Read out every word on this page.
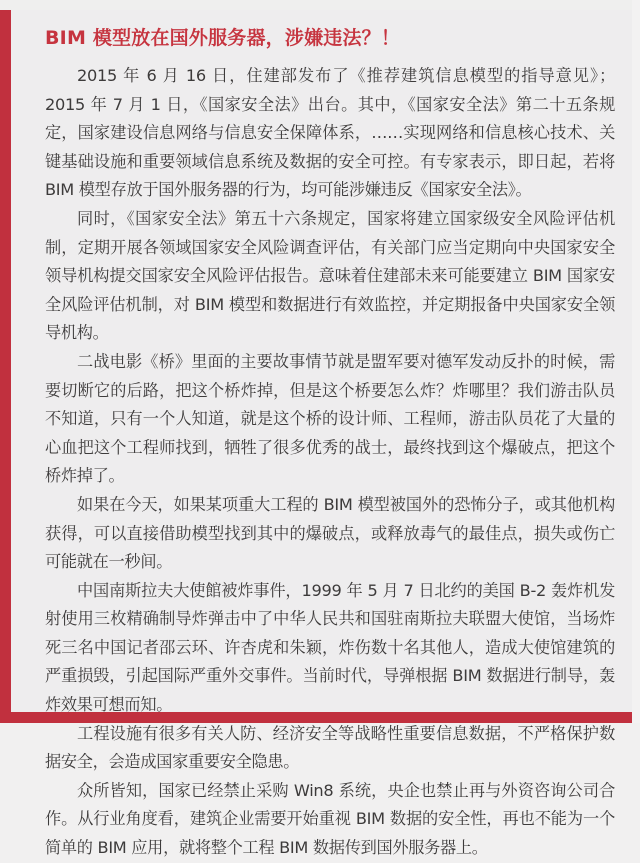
BIM 模型放在国外服务器，涉嫌违法？！

2015 年 6 月 16 日，住建部发布了《推荐建筑信息模型的指导意见》；2015 年 7 月 1 日，《国家安全法》出台。其中，《国家安全法》第二十五条规定，国家建设信息网络与信息安全保障体系，……实现网络和信息核心技术、关键基础设施和重要领域信息系统及数据的安全可控。有专家表示，即日起，若将 BIM 模型存放于国外服务器的行为，均可能涉嫌违反《国家安全法》。

同时，《国家安全法》第五十六条规定，国家将建立国家级安全风险评估机制，定期开展各领域国家安全风险调查评估，有关部门应当定期向中央国家安全领导机构提交国家安全风险评估报告。意味着住建部未来可能要建立 BIM 国家安全风险评估机制，对 BIM 模型和数据进行有效监控，并定期报备中央国家安全领导机构。

二战电影《桥》里面的主要故事情节就是盟军要对德军发动反扑的时候，需要切断它的后路，把这个桥炸掉，但是这个桥要怎么炸？炸哪里？我们游击队员不知道，只有一个人知道，就是这个桥的设计师、工程师，游击队员花了大量的心血把这个工程师找到，牺牲了很多优秀的战士，最终找到这个爆破点，把这个桥炸掉了。

如果在今天，如果某项重大工程的 BIM 模型被国外的恐怖分子，或其他机构获得，可以直接借助模型找到其中的爆破点，或释放毒气的最佳点，损失或伤亡可能就在一秒间。

中国南斯拉夫大使館被炸事件，1999 年 5 月 7 日北约的美国 B-2 轰炸机发射使用三枚精确制导炸弹击中了中华人民共和国驻南斯拉夫联盟大使馆，当场炸死三名中国记者邵云环、许杏虎和朱颖，炸伤数十名其他人，造成大使馆建筑的严重损毁，引起国际严重外交事件。当前时代，导弹根据 BIM 数据进行制导，轰炸效果可想而知。

工程设施有很多有关人防、经济安全等战略性重要信息数据，不严格保护数据安全，会造成国家重要安全隐患。

众所皆知，国家已经禁止采购 Win8 系统，央企也禁止再与外资咨询公司合作。从行业角度看，建筑企业需要开始重视 BIM 数据的安全性，再也不能为一个简单的 BIM 应用，就将整个工程 BIM 数据传到国外服务器上。
